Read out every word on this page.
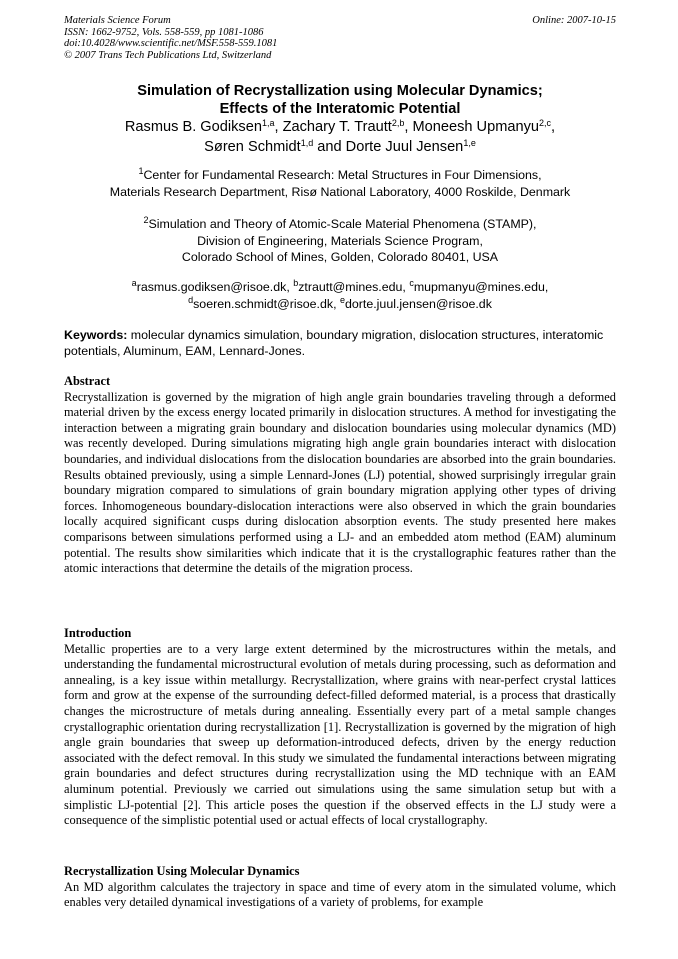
Materials Science Forum	Online: 2007-10-15
ISSN: 1662-9752, Vols. 558-559, pp 1081-1086
doi:10.4028/www.scientific.net/MSF.558-559.1081
© 2007 Trans Tech Publications Ltd, Switzerland
Simulation of Recrystallization using Molecular Dynamics;
Effects of the Interatomic Potential
Rasmus B. Godiksen$^{1,a}$, Zachary T. Trautt$^{2,b}$, Moneesh Upmanyu$^{2,c}$,
Søren Schmidt$^{1,d}$ and Dorte Juul Jensen$^{1,e}$
$^1$Center for Fundamental Research: Metal Structures in Four Dimensions,
Materials Research Department, Risø National Laboratory, 4000 Roskilde, Denmark
$^2$Simulation and Theory of Atomic-Scale Material Phenomena (STAMP),
Division of Engineering, Materials Science Program,
Colorado School of Mines, Golden, Colorado 80401, USA
$^a$rasmus.godiksen@risoe.dk, $^b$ztrautt@mines.edu, $^c$mupmanyu@mines.edu,
$^d$soeren.schmidt@risoe.dk, $^e$dorte.juul.jensen@risoe.dk
Keywords: molecular dynamics simulation, boundary migration, dislocation structures, interatomic potentials, Aluminum, EAM, Lennard-Jones.
Abstract

Recrystallization is governed by the migration of high angle grain boundaries traveling through a deformed material driven by the excess energy located primarily in dislocation structures. A method for investigating the interaction between a migrating grain boundary and dislocation boundaries using molecular dynamics (MD) was recently developed. During simulations migrating high angle grain boundaries interact with dislocation boundaries, and individual dislocations from the dislocation boundaries are absorbed into the grain boundaries. Results obtained previously, using a simple Lennard-Jones (LJ) potential, showed surprisingly irregular grain boundary migration compared to simulations of grain boundary migration applying other types of driving forces. Inhomogeneous boundary-dislocation interactions were also observed in which the grain boundaries locally acquired significant cusps during dislocation absorption events. The study presented here makes comparisons between simulations performed using a LJ- and an embedded atom method (EAM) aluminum potential. The results show similarities which indicate that it is the crystallographic features rather than the atomic interactions that determine the details of the migration process.

Introduction

Metallic properties are to a very large extent determined by the microstructures within the metals, and understanding the fundamental microstructural evolution of metals during processing, such as deformation and annealing, is a key issue within metallurgy. Recrystallization, where grains with near-perfect crystal lattices form and grow at the expense of the surrounding defect-filled deformed material, is a process that drastically changes the microstructure of metals during annealing. Essentially every part of a metal sample changes crystallographic orientation during recrystallization [1]. Recrystallization is governed by the migration of high angle grain boundaries that sweep up deformation-introduced defects, driven by the energy reduction associated with the defect removal. In this study we simulated the fundamental interactions between migrating grain boundaries and defect structures during recrystallization using the MD technique with an EAM aluminum potential. Previously we carried out simulations using the same simulation setup but with a simplistic LJ-potential [2]. This article poses the question if the observed effects in the LJ study were a consequence of the simplistic potential used or actual effects of local crystallography.

Recrystallization Using Molecular Dynamics

An MD algorithm calculates the trajectory in space and time of every atom in the simulated volume, which enables very detailed dynamical investigations of a variety of problems, for example
